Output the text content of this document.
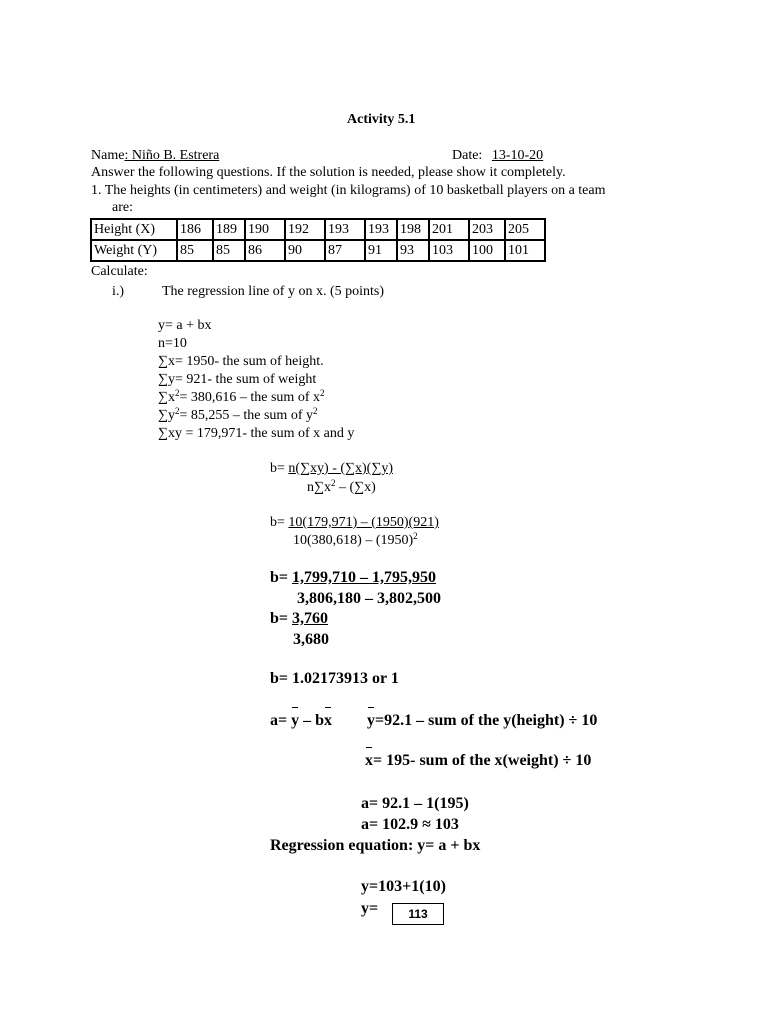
Activity 5.1
Name: Niño B. Estrera	Date: 13-10-20
Answer the following questions. If the solution is needed, please show it completely.
1. The heights (in centimeters) and weight (in kilograms) of 10 basketball players on a team
are:
Height (X)	186	189	190	192	193	193	198	201	203	205
Weight (Y)	85	85	86	90	87	91	93	103	100	101
Calculate:
i.)	The regression line of y on x. (5 points)
y= a + bx
n=10
∑x= 1950- the sum of height.
∑y= 921- the sum of weight
$\sum x^2= 380,616$ – the sum of $x^2$
$\sum y^2= 85,255$ – the sum of $y^2$
∑xy = 179,971- the sum of x and y
b= n(∑xy) - (∑x)(∑y)
$n\sum x^2 - (\sum x)$
b= 10(179,971) – (1950)(921)
$10(380,618) - (1950)^2$
b= 1,799,710 – 1,795,950
3,806,180 – 3,802,500
b= 3,760
3,680
b= 1.02173913 or 1
a= y – bx y=92.1 – sum of the y(height) ÷ 10
x= 195- sum of the x(weight) ÷ 10
a= 92.1 – 1(195)
a= 102.9 ≈ 103
Regression equation: y= a + bx
y=103+1(10)
y=	113
